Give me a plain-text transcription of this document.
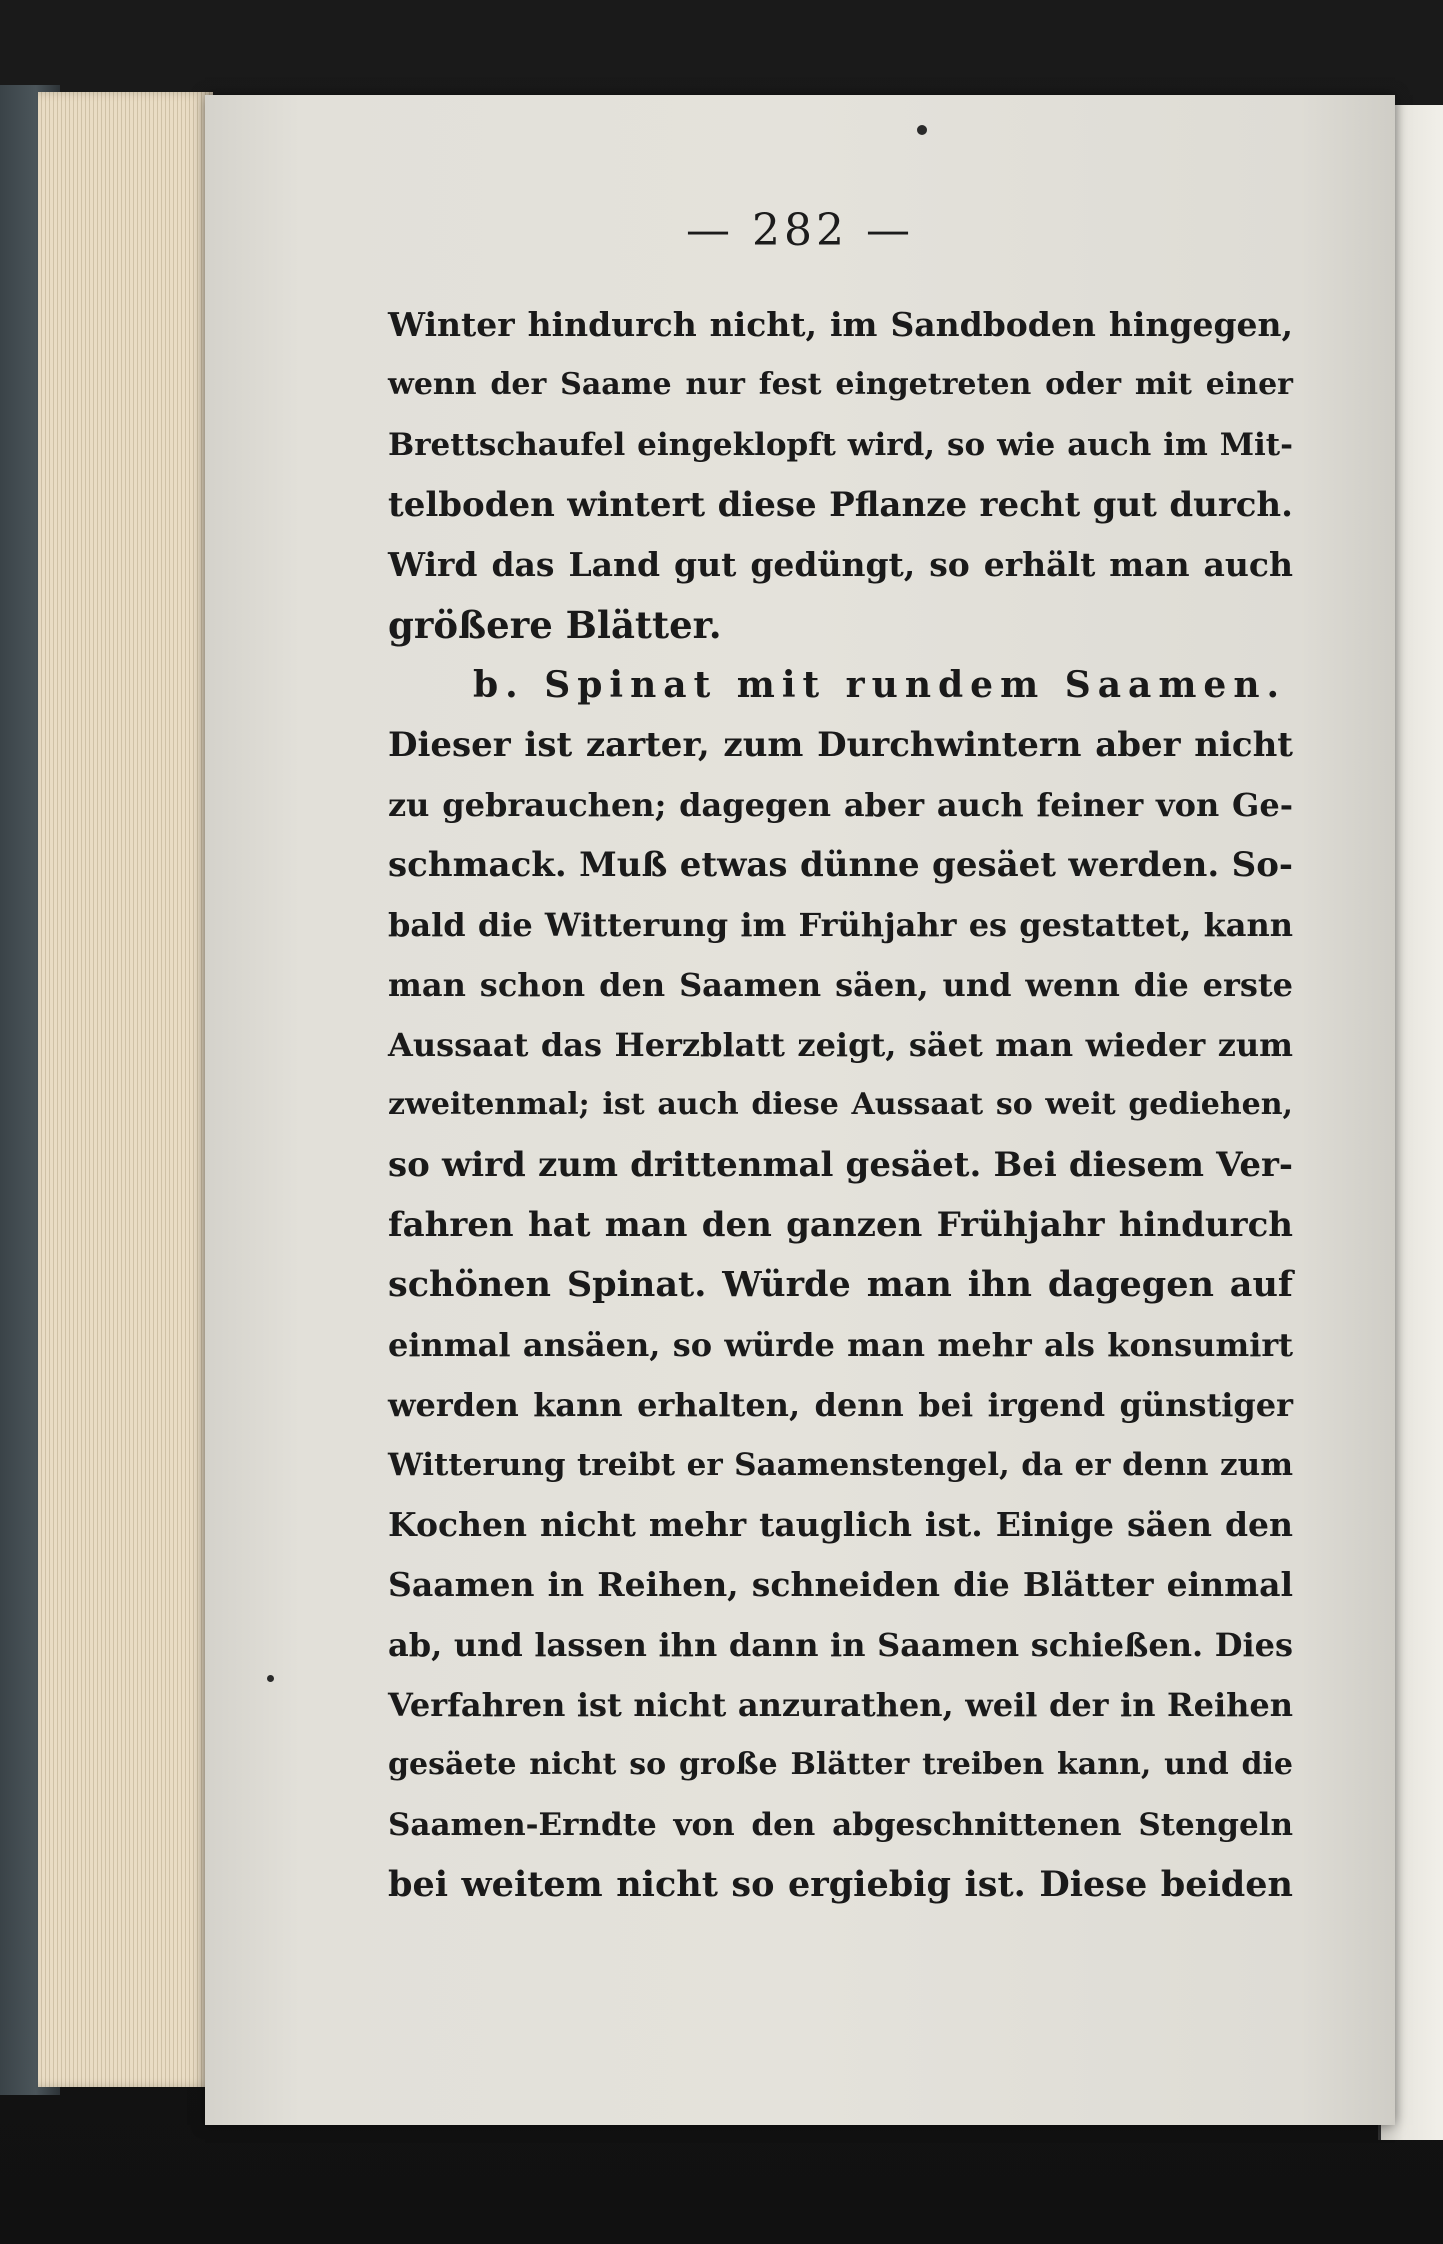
— 282 —
Winter hindurch nicht, im Sandboden hingegen,
wenn der Saame nur fest eingetreten oder mit einer
Brettschaufel eingeklopft wird, so wie auch im Mit-
telboden wintert diese Pflanze recht gut durch.
Wird das Land gut gedüngt, so erhält man auch
größere Blätter.
b. Spinat mit rundem Saamen.
Dieser ist zarter, zum Durchwintern aber nicht
zu gebrauchen; dagegen aber auch feiner von Ge-
schmack. Muß etwas dünne gesäet werden. So-
bald die Witterung im Frühjahr es gestattet, kann
man schon den Saamen säen, und wenn die erste
Aussaat das Herzblatt zeigt, säet man wieder zum
zweitenmal; ist auch diese Aussaat so weit gediehen,
so wird zum drittenmal gesäet. Bei diesem Ver-
fahren hat man den ganzen Frühjahr hindurch
schönen Spinat. Würde man ihn dagegen auf
einmal ansäen, so würde man mehr als konsumirt
werden kann erhalten, denn bei irgend günstiger
Witterung treibt er Saamenstengel, da er denn zum
Kochen nicht mehr tauglich ist. Einige säen den
Saamen in Reihen, schneiden die Blätter einmal
ab, und lassen ihn dann in Saamen schießen. Dies
Verfahren ist nicht anzurathen, weil der in Reihen
gesäete nicht so große Blätter treiben kann, und die
Saamen-Erndte von den abgeschnittenen Stengeln
bei weitem nicht so ergiebig ist. Diese beiden
